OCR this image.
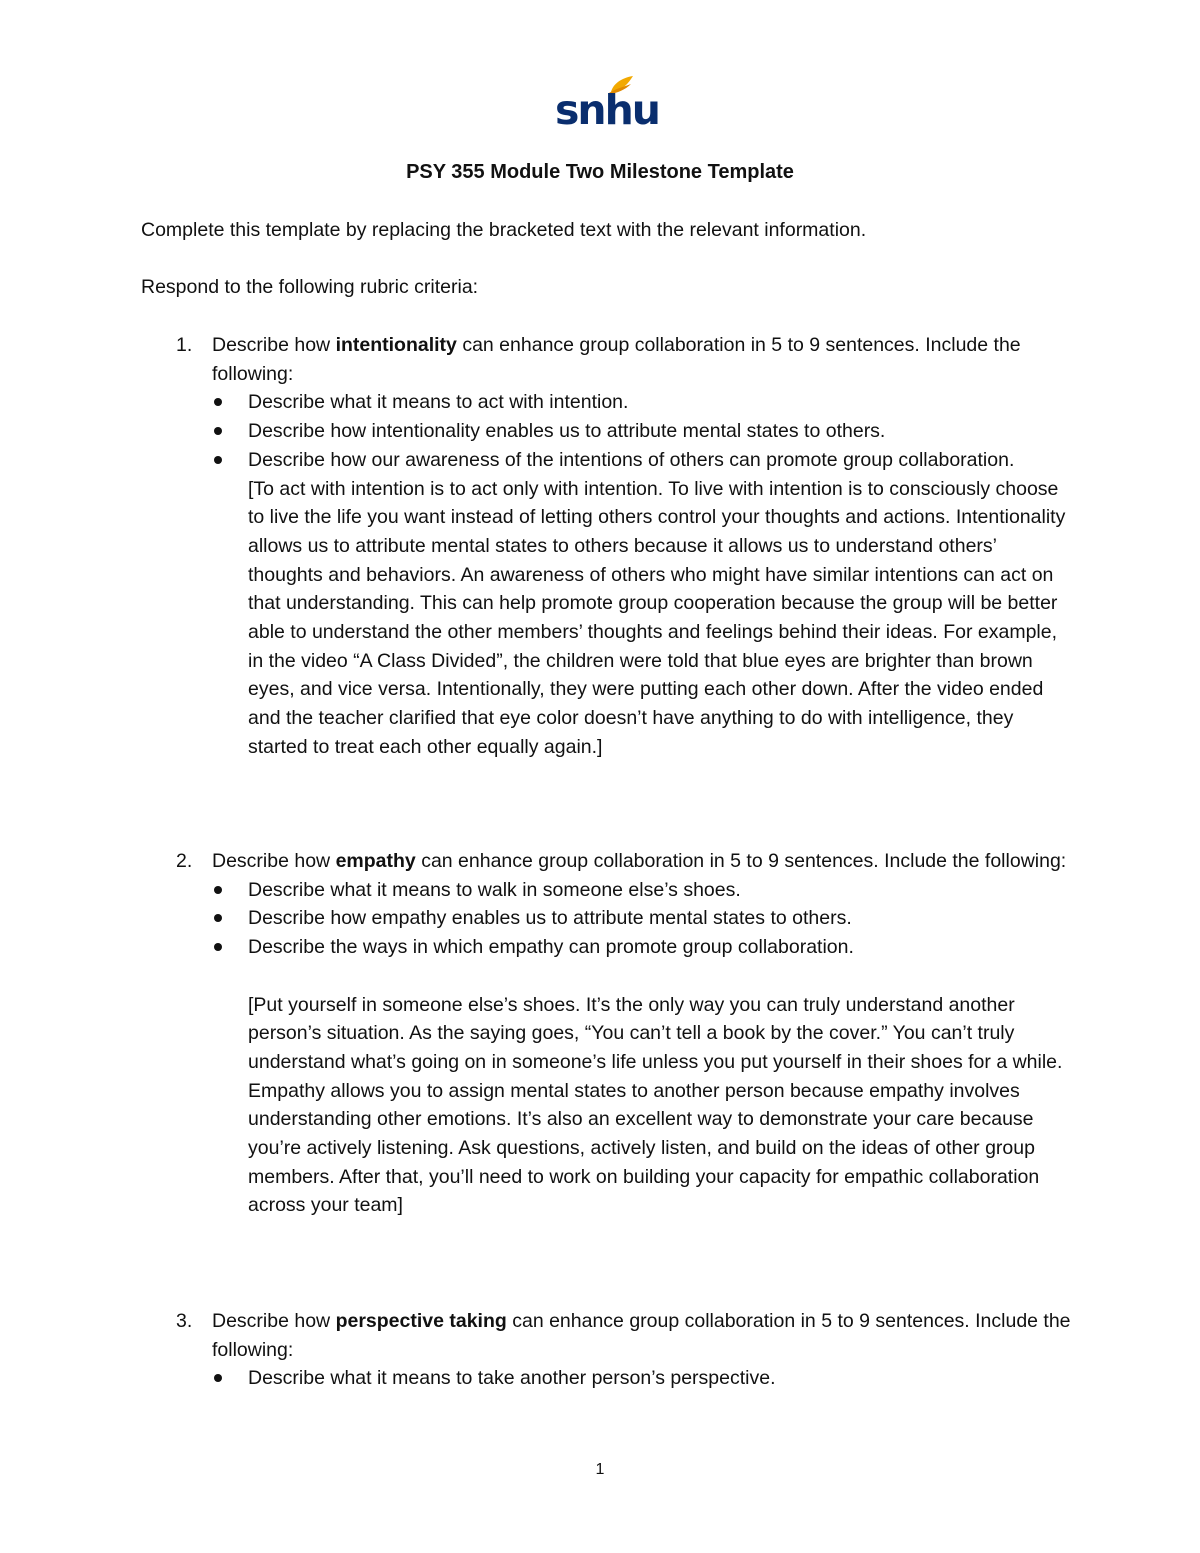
snhu
PSY 355 Module Two Milestone Template
Complete this template by replacing the bracketed text with the relevant information.
Respond to the following rubric criteria:
1. Describe how intentionality can enhance group collaboration in 5 to 9 sentences. Include the following:
Describe what it means to act with intention.
Describe how intentionality enables us to attribute mental states to others.
Describe how our awareness of the intentions of others can promote group collaboration.
[To act with intention is to act only with intention. To live with intention is to consciously choose to live the life you want instead of letting others control your thoughts and actions. Intentionality allows us to attribute mental states to others because it allows us to understand others’ thoughts and behaviors. An awareness of others who might have similar intentions can act on that understanding. This can help promote group cooperation because the group will be better able to understand the other members’ thoughts and feelings behind their ideas. For example, in the video “A Class Divided”, the children were told that blue eyes are brighter than brown eyes, and vice versa. Intentionally, they were putting each other down. After the video ended and the teacher clarified that eye color doesn’t have anything to do with intelligence, they started to treat each other equally again.]
2. Describe how empathy can enhance group collaboration in 5 to 9 sentences. Include the following:
Describe what it means to walk in someone else’s shoes.
Describe how empathy enables us to attribute mental states to others.
Describe the ways in which empathy can promote group collaboration.
[Put yourself in someone else’s shoes. It’s the only way you can truly understand another person’s situation. As the saying goes, “You can’t tell a book by the cover.” You can’t truly understand what’s going on in someone’s life unless you put yourself in their shoes for a while. Empathy allows you to assign mental states to another person because empathy involves understanding other emotions. It’s also an excellent way to demonstrate your care because you’re actively listening. Ask questions, actively listen, and build on the ideas of other group members. After that, you’ll need to work on building your capacity for empathic collaboration across your team]
3. Describe how perspective taking can enhance group collaboration in 5 to 9 sentences. Include the following:
Describe what it means to take another person’s perspective.
1
